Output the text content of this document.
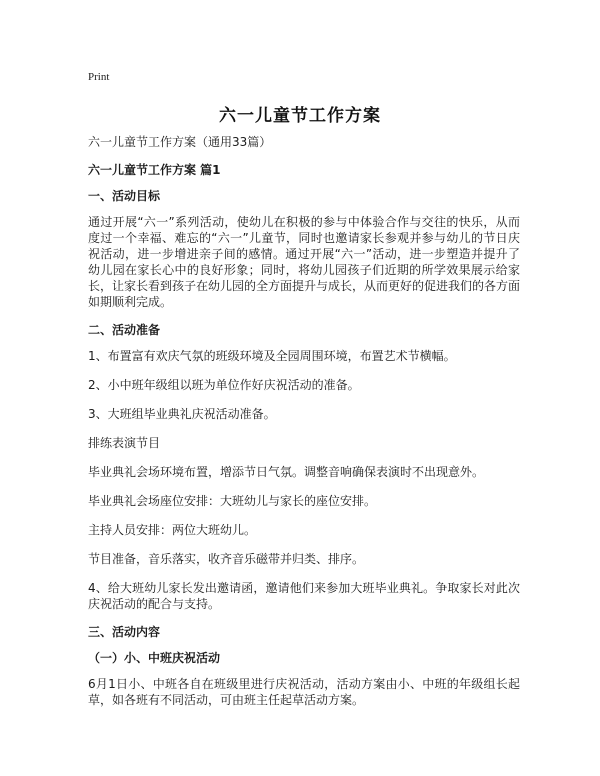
Print
六一儿童节工作方案

六一儿童节工作方案（通用33篇）

六一儿童节工作方案 篇1

一、活动目标

通过开展“六一”系列活动，使幼儿在积极的参与中体验合作与交往的快乐，从而度过一个幸福、难忘的“六一”儿童节，同时也邀请家长参观并参与幼儿的节日庆祝活动，进一步增进亲子间的感情。通过开展“六一”活动，进一步塑造并提升了幼儿园在家长心中的良好形象；同时，将幼儿园孩子们近期的所学效果展示给家长，让家长看到孩子在幼儿园的全方面提升与成长，从而更好的促进我们的各方面如期顺利完成。

二、活动准备

1、布置富有欢庆气氛的班级环境及全园周围环境，布置艺术节横幅。

2、小中班年级组以班为单位作好庆祝活动的准备。

3、大班组毕业典礼庆祝活动准备。

排练表演节目

毕业典礼会场环境布置，增添节日气氛。调整音响确保表演时不出现意外。

毕业典礼会场座位安排：大班幼儿与家长的座位安排。

主持人员安排：两位大班幼儿。

节目准备，音乐落实，收齐音乐磁带并归类、排序。

4、给大班幼儿家长发出邀请函，邀请他们来参加大班毕业典礼。争取家长对此次庆祝活动的配合与支持。

三、活动内容

（一）小、中班庆祝活动

6月1日小、中班各自在班级里进行庆祝活动，活动方案由小、中班的年级组长起草，如各班有不同活动，可由班主任起草活动方案。
